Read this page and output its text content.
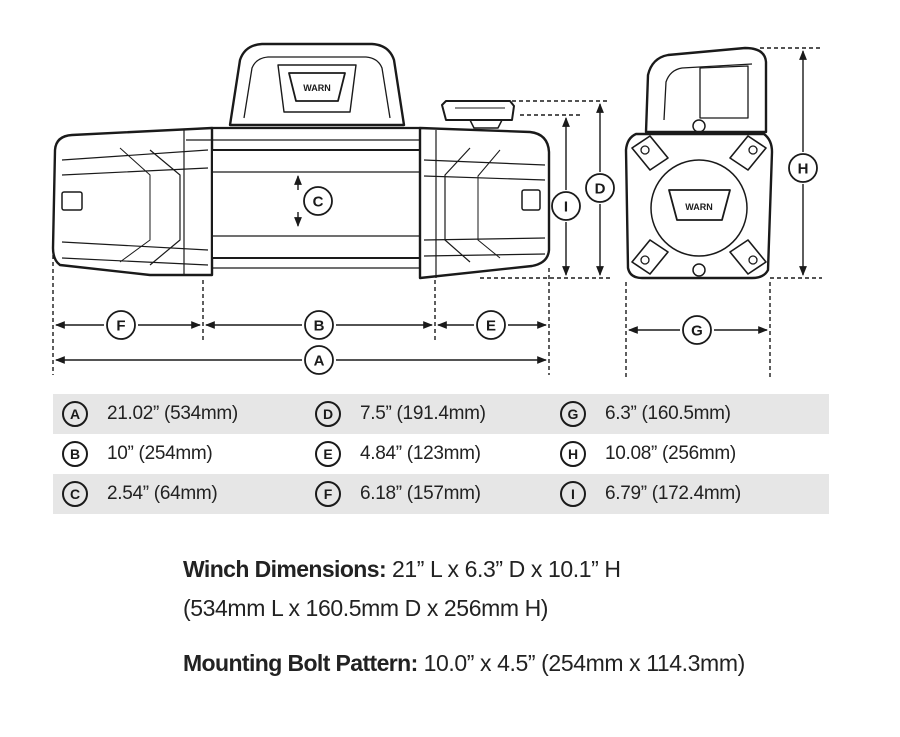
WARN
WARN
F	B	E
A
G
C	I
D
H
A 21.02” (534mm)	D 7.5” (191.4mm)	G 6.3” (160.5mm)

B 10” (254mm)	E 4.84” (123mm)	H 10.08” (256mm)

C 2.54” (64mm)	F 6.18” (157mm)	I 6.79” (172.4mm)
Winch Dimensions: 21” L x 6.3” D x 10.1” H
(534mm L x 160.5mm D x 256mm H)
Mounting Bolt Pattern: 10.0” x 4.5” (254mm x 114.3mm)
